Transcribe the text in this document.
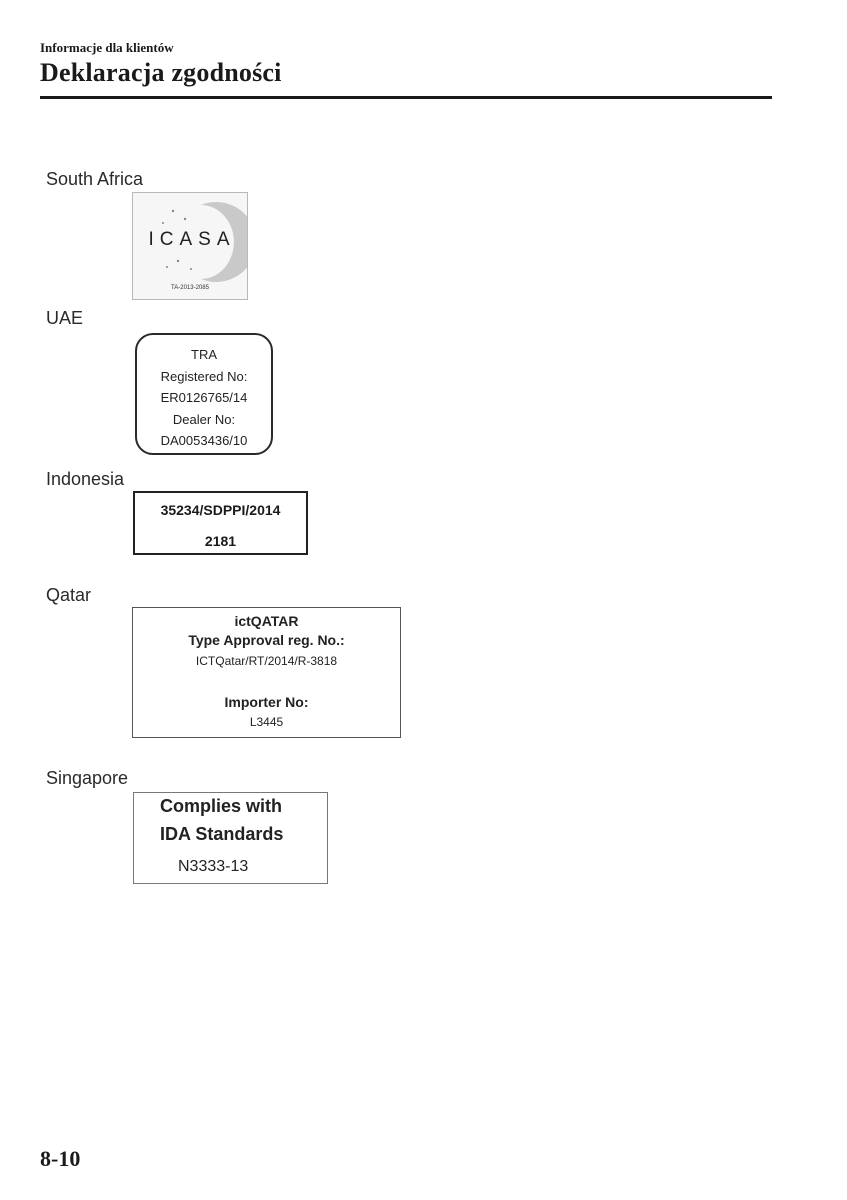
Informacje dla klientów
Deklaracja zgodności
South Africa
ICASA
TA-2013-2085
UAE
TRA
Registered No:
ER0126765/14
Dealer No:
DA0053436/10
Indonesia
35234/SDPPI/2014
2181
Qatar
ictQATAR
Type Approval reg. No.:
ICTQatar/RT/2014/R-3818
Importer No:
L3445
Singapore
Complies with
IDA Standards
N3333-13
8-10
